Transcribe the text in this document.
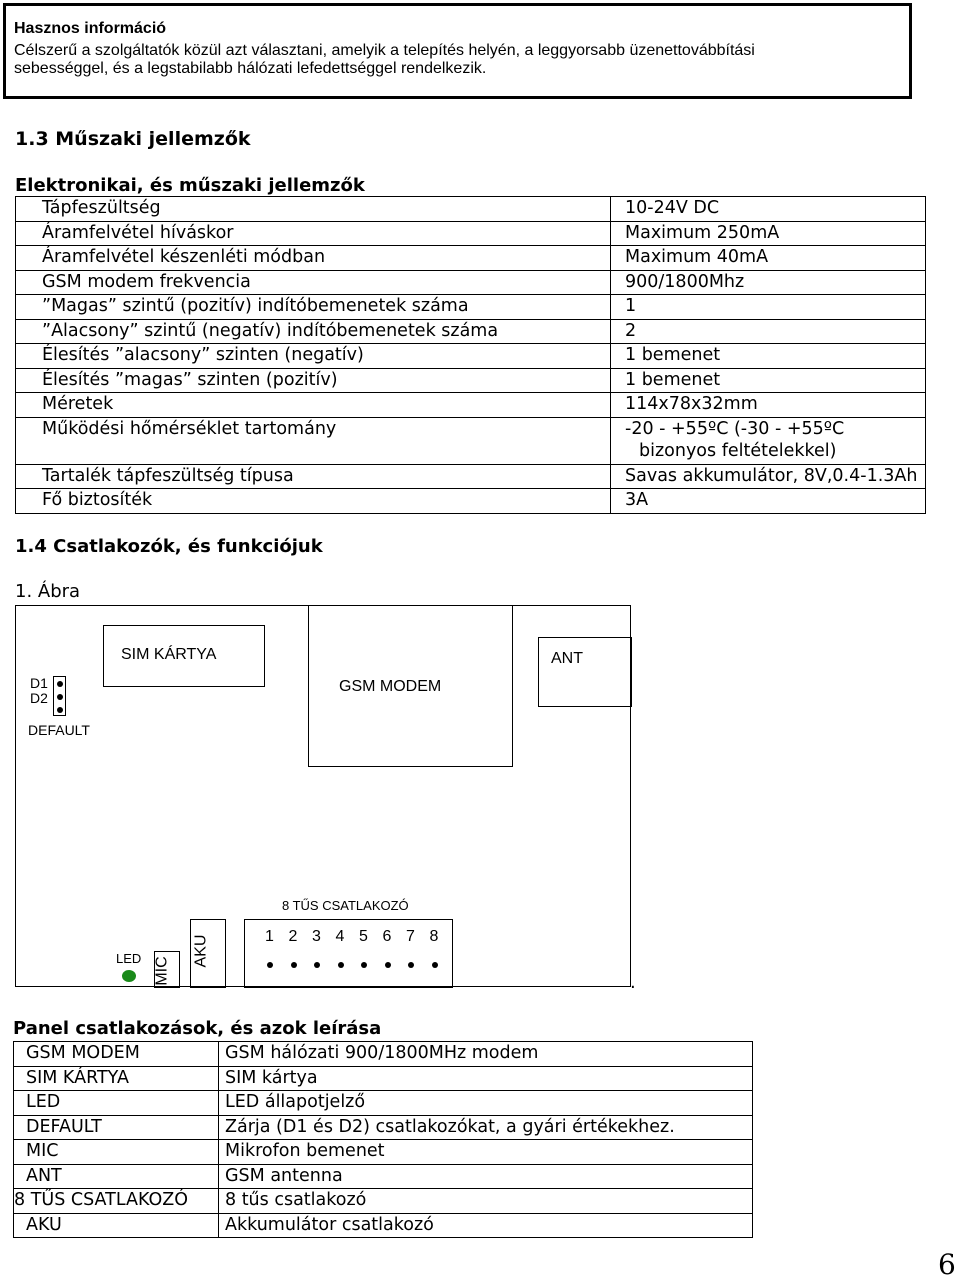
Hasznos információ
Célszerű a szolgáltatók közül azt választani, amelyik a telepítés helyén, a leggyorsabb üzenettovábbítási
sebességgel, és a legstabilabb hálózati lefedettséggel rendelkezik.
1.3 Műszaki jellemzők
Elektronikai, és műszaki jellemzők
Tápfeszültség	10-24V DC
Áramfelvétel híváskor	Maximum 250mA
Áramfelvétel készenléti módban	Maximum 40mA
GSM modem frekvencia	900/1800Mhz
”Magas” szintű (pozitív) indítóbemenetek száma	1
”Alacsony” szintű (negatív) indítóbemenetek száma	2
Élesítés ”alacsony” szinten (negatív)	1 bemenet
Élesítés ”magas” szinten (pozitív)	1 bemenet
Méretek	114x78x32mm
Működési hőmérséklet tartomány	-20 - +55ºC (-30 - +55ºC
bizonyos feltételekkel)

Tartalék tápfeszültség típusa	Savas akkumulátor, 8V,0.4-1.3Ah
Fő biztosíték	3A
1.4 Csatlakozók, és funkciójuk
1. Ábra
SIM KÁRTYA
GSM MODEM
ANT
D1
D2
DEFAULT
8 TŰS CSATLAKOZÓ
1 2 3 4 5 6 7 8
AKU
MIC
LED
.
Panel csatlakozások, és azok leírása
GSM MODEM	GSM hálózati 900/1800MHz modem
SIM KÁRTYA	SIM kártya
LED	LED állapotjelző
DEFAULT	Zárja (D1 és D2) csatlakozókat, a gyári értékekhez.
MIC	Mikrofon bemenet
ANT	GSM antenna
8 TŰS CSATLAKOZÓ	8 tűs csatlakozó
AKU	Akkumulátor csatlakozó
6
